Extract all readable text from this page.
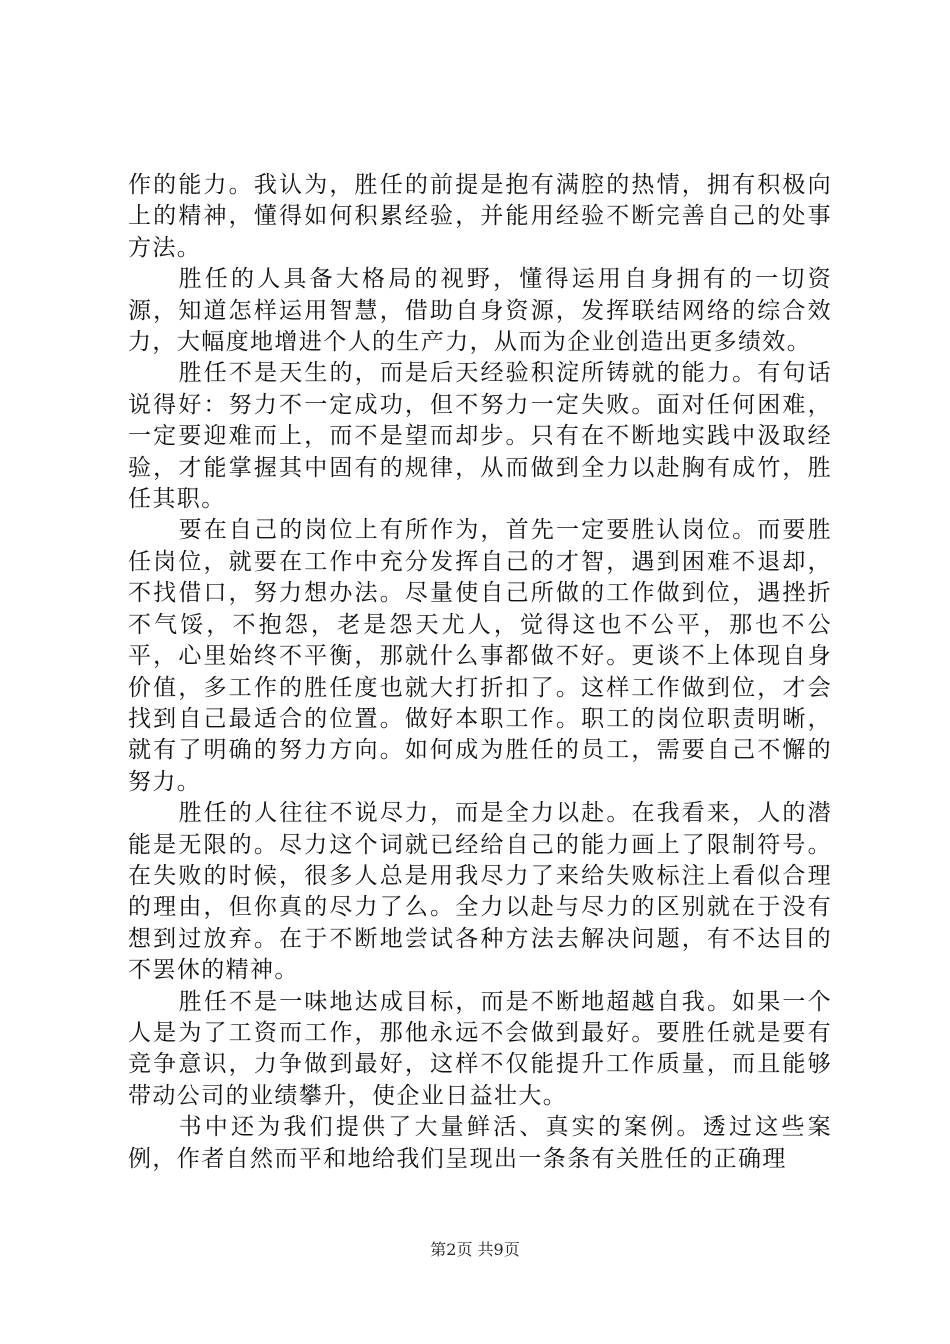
作的能力。我认为，胜任的前提是抱有满腔的热情，拥有积极向上的精神，懂得如何积累经验，并能用经验不断完善自己的处事方法。

胜任的人具备大格局的视野，懂得运用自身拥有的一切资源，知道怎样运用智慧，借助自身资源，发挥联结网络的综合效力，大幅度地增进个人的生产力，从而为企业创造出更多绩效。

胜任不是天生的，而是后天经验积淀所铸就的能力。有句话说得好：努力不一定成功，但不努力一定失败。面对任何困难，一定要迎难而上，而不是望而却步。只有在不断地实践中汲取经验，才能掌握其中固有的规律，从而做到全力以赴胸有成竹，胜任其职。

要在自己的岗位上有所作为，首先一定要胜认岗位。而要胜任岗位，就要在工作中充分发挥自己的才智，遇到困难不退却，不找借口，努力想办法。尽量使自己所做的工作做到位，遇挫折不气馁，不抱怨，老是怨天尤人，觉得这也不公平，那也不公平，心里始终不平衡，那就什么事都做不好。更谈不上体现自身价值，多工作的胜任度也就大打折扣了。这样工作做到位，才会找到自己最适合的位置。做好本职工作。职工的岗位职责明晰，就有了明确的努力方向。如何成为胜任的员工，需要自己不懈的努力。

胜任的人往往不说尽力，而是全力以赴。在我看来，人的潜能是无限的。尽力这个词就已经给自己的能力画上了限制符号。在失败的时候，很多人总是用我尽力了来给失败标注上看似合理的理由，但你真的尽力了么。全力以赴与尽力的区别就在于没有想到过放弃。在于不断地尝试各种方法去解决问题，有不达目的不罢休的精神。

胜任不是一味地达成目标，而是不断地超越自我。如果一个人是为了工资而工作，那他永远不会做到最好。要胜任就是要有竞争意识，力争做到最好，这样不仅能提升工作质量，而且能够带动公司的业绩攀升，使企业日益壮大。

书中还为我们提供了大量鲜活、真实的案例。透过这些案例，作者自然而平和地给我们呈现出一条条有关胜任的正确理

第2页 共9页
